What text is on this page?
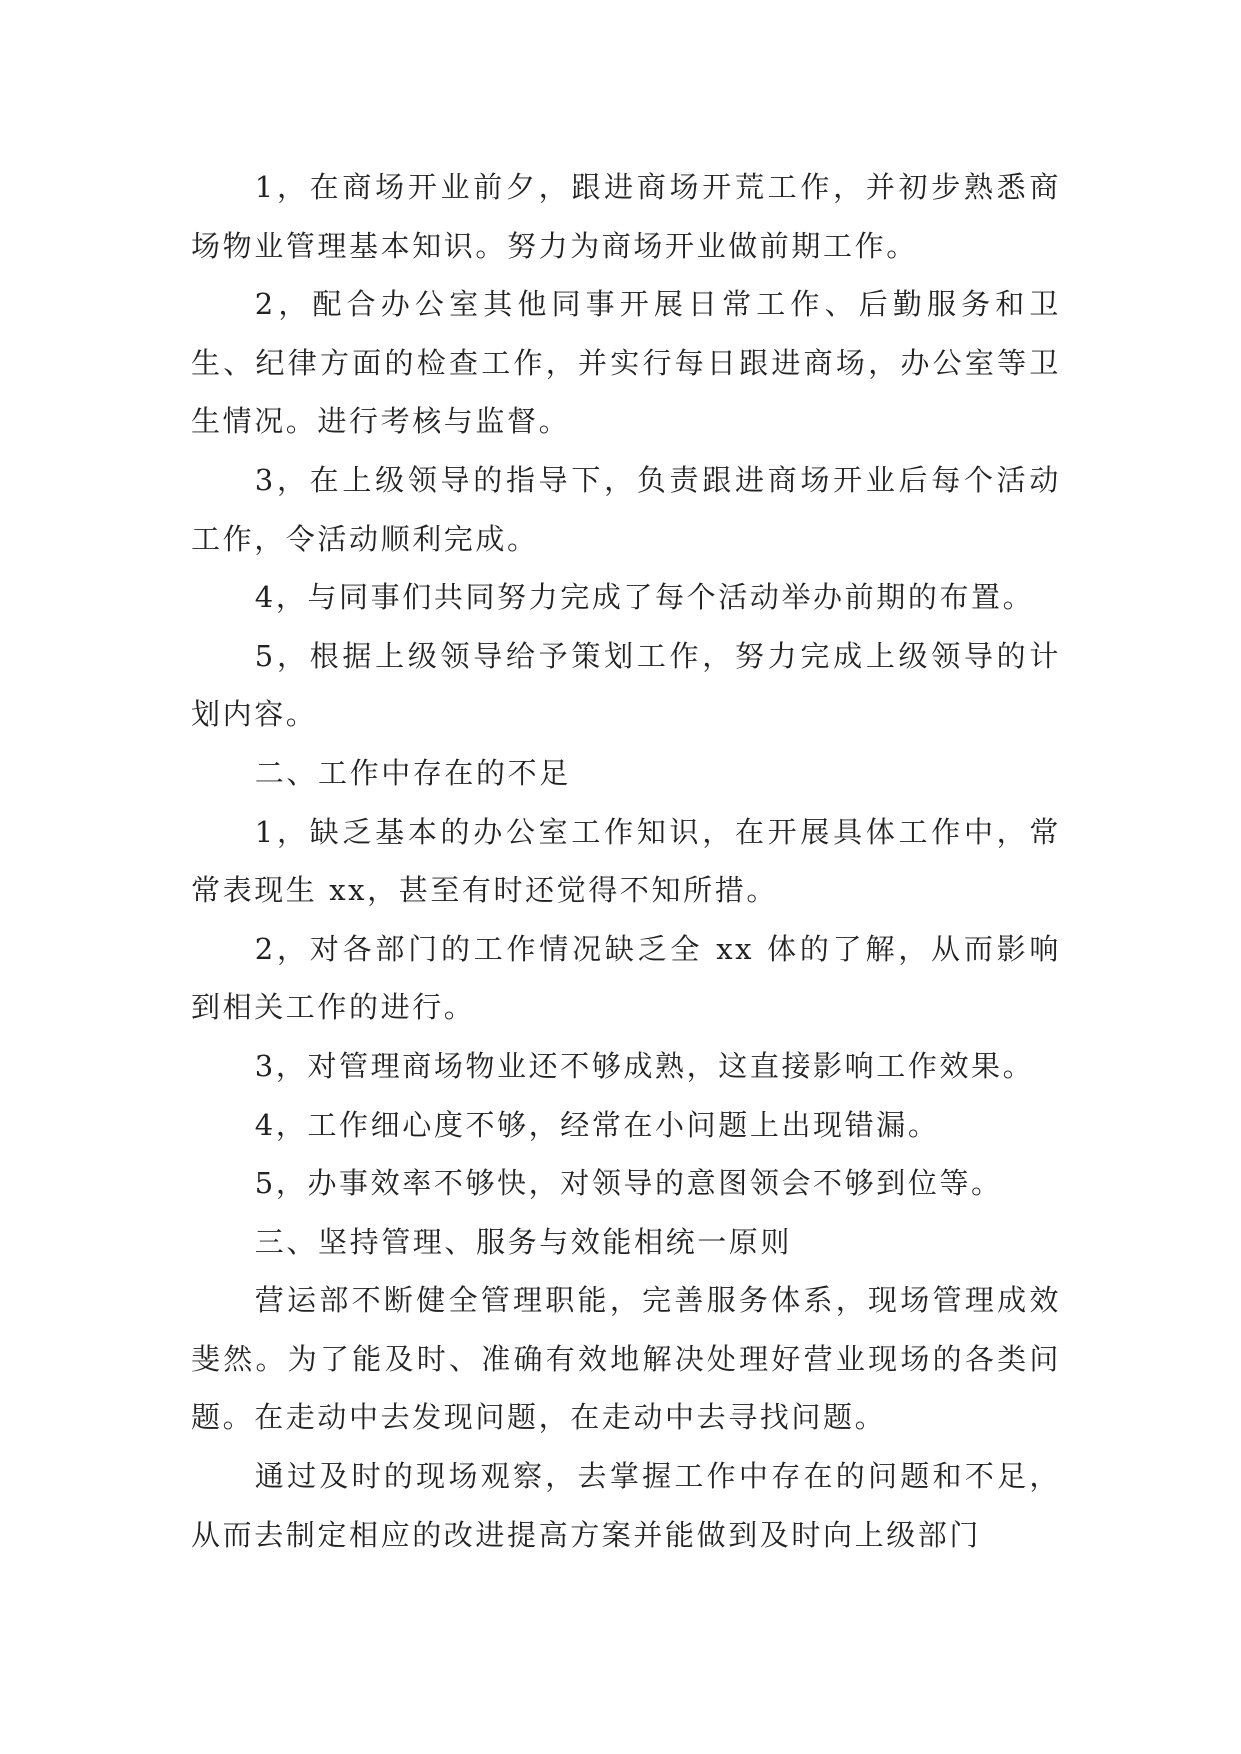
1，在商场开业前夕，跟进商场开荒工作，并初步熟悉商场物业管理基本知识。努力为商场开业做前期工作。

2，配合办公室其他同事开展日常工作、后勤服务和卫生、纪律方面的检查工作，并实行每日跟进商场，办公室等卫生情况。进行考核与监督。

3，在上级领导的指导下，负责跟进商场开业后每个活动工作，令活动顺利完成。

4，与同事们共同努力完成了每个活动举办前期的布置。

5，根据上级领导给予策划工作，努力完成上级领导的计划内容。

二、工作中存在的不足

1，缺乏基本的办公室工作知识，在开展具体工作中，常常表现生 xx，甚至有时还觉得不知所措。

2，对各部门的工作情况缺乏全 xx 体的了解，从而影响到相关工作的进行。

3，对管理商场物业还不够成熟，这直接影响工作效果。

4，工作细心度不够，经常在小问题上出现错漏。

5，办事效率不够快，对领导的意图领会不够到位等。

三、坚持管理、服务与效能相统一原则

营运部不断健全管理职能，完善服务体系，现场管理成效斐然。为了能及时、准确有效地解决处理好营业现场的各类问题。在走动中去发现问题，在走动中去寻找问题。

通过及时的现场观察，去掌握工作中存在的问题和不足，从而去制定相应的改进提高方案并能做到及时向上级部门
